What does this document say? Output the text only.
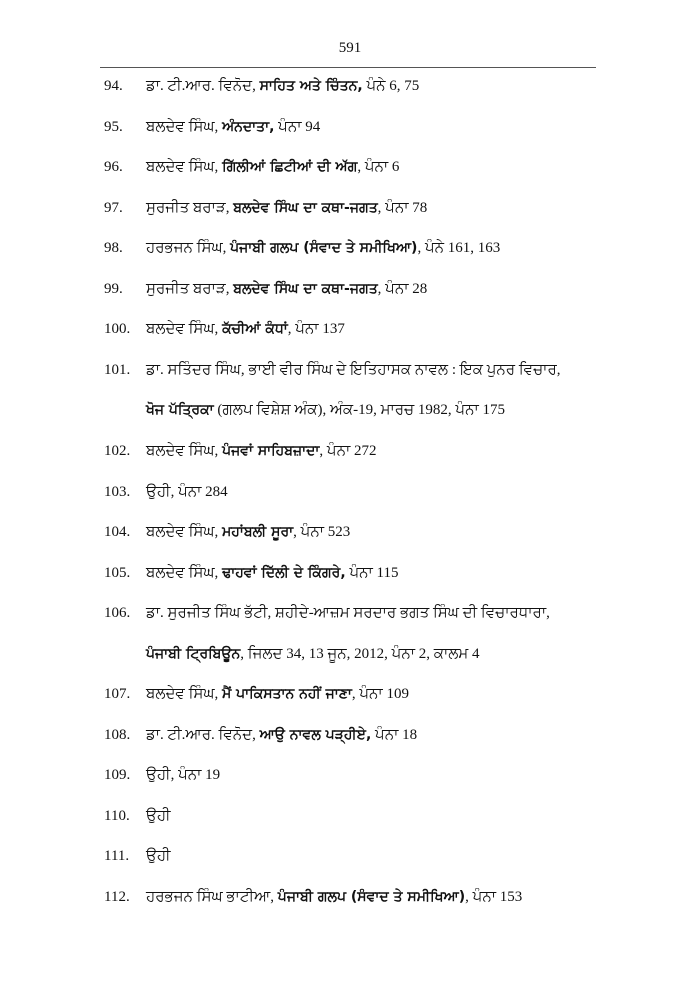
591
94. ਡਾ. ਟੀ.ਆਰ. ਵਿਨੋਦ, ਸਾਹਿਤ ਅਤੇ ਚਿੰਤਨ, ਪੰਨੇ 6, 75
95. ਬਲਦੇਵ ਸਿੰਘ, ਅੰਨਦਾਤਾ, ਪੰਨਾ 94
96. ਬਲਦੇਵ ਸਿੰਘ, ਗਿੱਲੀਆਂ ਛਿਟੀਆਂ ਦੀ ਅੱਗ, ਪੰਨਾ 6
97. ਸੁਰਜੀਤ ਬਰਾੜ, ਬਲਦੇਵ ਸਿੰਘ ਦਾ ਕਥਾ-ਜਗਤ, ਪੰਨਾ 78
98. ਹਰਭਜਨ ਸਿੰਘ, ਪੰਜਾਬੀ ਗਲਪ (ਸੰਵਾਦ ਤੇ ਸਮੀਖਿਆ), ਪੰਨੇ 161, 163
99. ਸੁਰਜੀਤ ਬਰਾੜ, ਬਲਦੇਵ ਸਿੰਘ ਦਾ ਕਥਾ-ਜਗਤ, ਪੰਨਾ 28
100. ਬਲਦੇਵ ਸਿੰਘ, ਕੱਚੀਆਂ ਕੰਧਾਂ, ਪੰਨਾ 137
101. ਡਾ. ਸਤਿੰਦਰ ਸਿੰਘ, ਭਾਈ ਵੀਰ ਸਿੰਘ ਦੇ ਇਤਿਹਾਸਕ ਨਾਵਲ : ਇਕ ਪੁਨਰ ਵਿਚਾਰ,
ਖੋਜ ਪੱਤ੍ਰਿਕਾ (ਗਲਪ ਵਿਸ਼ੇਸ਼ ਅੰਕ), ਅੰਕ-19, ਮਾਰਚ 1982, ਪੰਨਾ 175
102. ਬਲਦੇਵ ਸਿੰਘ, ਪੰਜਵਾਂ ਸਾਹਿਬਜ਼ਾਦਾ, ਪੰਨਾ 272
103. ਉਹੀ, ਪੰਨਾ 284
104. ਬਲਦੇਵ ਸਿੰਘ, ਮਹਾਂਬਲੀ ਸੂਰਾ, ਪੰਨਾ 523
105. ਬਲਦੇਵ ਸਿੰਘ, ਢਾਹਵਾਂ ਦਿੱਲੀ ਦੇ ਕਿੰਗਰੇ, ਪੰਨਾ 115
106. ਡਾ. ਸੁਰਜੀਤ ਸਿੰਘ ਭੱਟੀ, ਸ਼ਹੀਦੇ-ਆਜ਼ਮ ਸਰਦਾਰ ਭਗਤ ਸਿੰਘ ਦੀ ਵਿਚਾਰਧਾਰਾ,
ਪੰਜਾਬੀ ਟ੍ਰਿਬਿਊਨ, ਜਿਲਦ 34, 13 ਜੂਨ, 2012, ਪੰਨਾ 2, ਕਾਲਮ 4
107. ਬਲਦੇਵ ਸਿੰਘ, ਮੈਂ ਪਾਕਿਸਤਾਨ ਨਹੀਂ ਜਾਣਾ, ਪੰਨਾ 109
108. ਡਾ. ਟੀ.ਆਰ. ਵਿਨੋਦ, ਆਉ ਨਾਵਲ ਪੜ੍ਹੀਏ, ਪੰਨਾ 18
109. ਉਹੀ, ਪੰਨਾ 19
110. ਉਹੀ
111. ਉਹੀ
112. ਹਰਭਜਨ ਸਿੰਘ ਭਾਟੀਆ, ਪੰਜਾਬੀ ਗਲਪ (ਸੰਵਾਦ ਤੇ ਸਮੀਖਿਆ), ਪੰਨਾ 153
